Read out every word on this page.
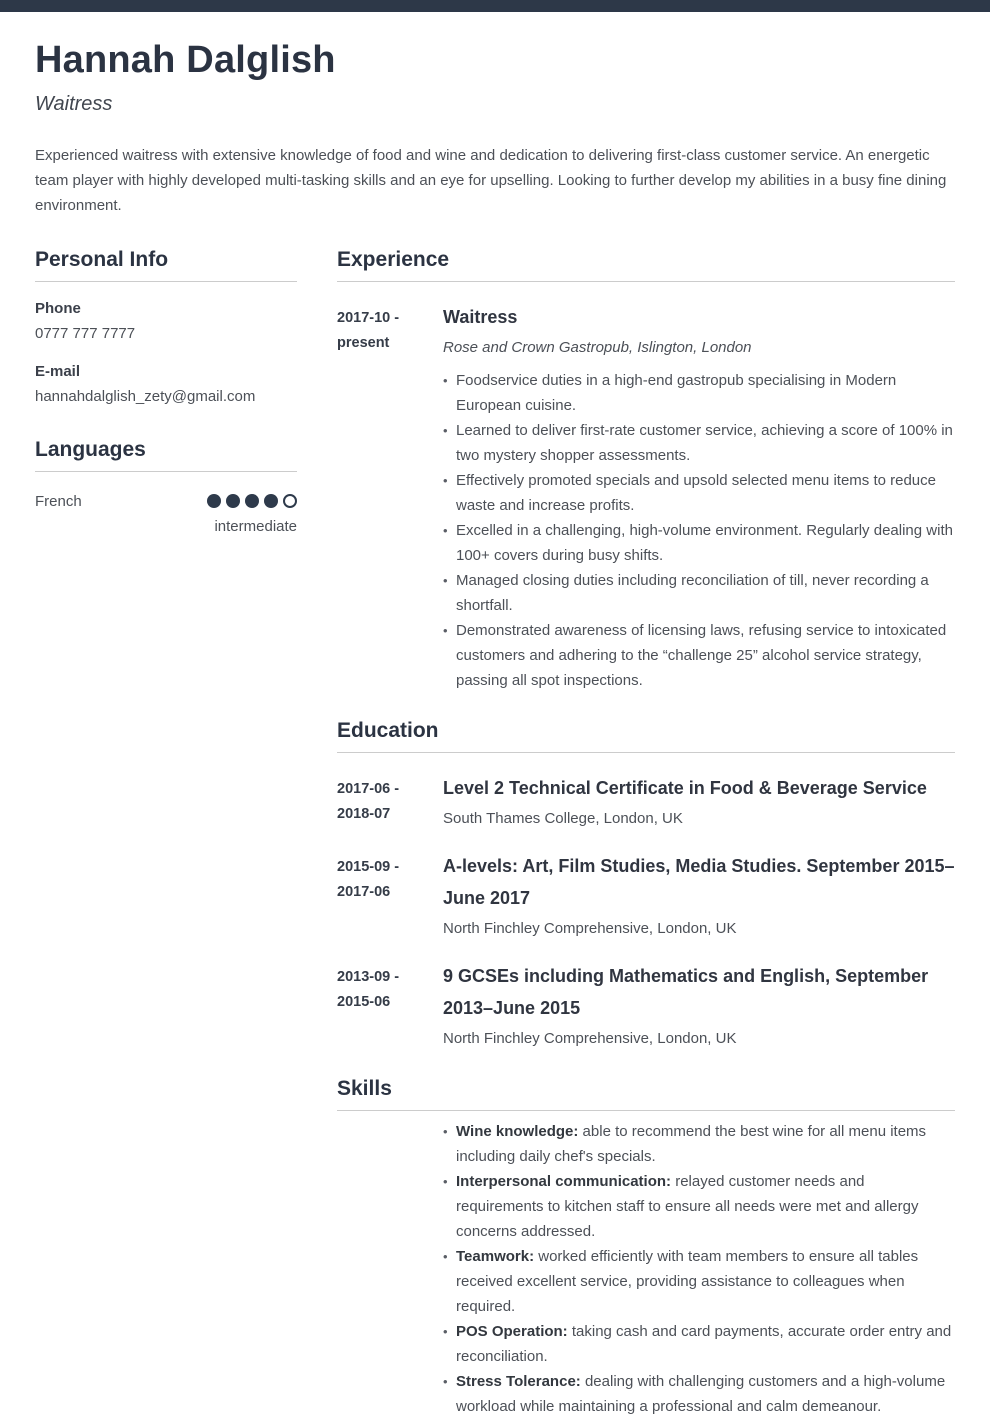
Hannah Dalglish
Waitress
Experienced waitress with extensive knowledge of food and wine and dedication to delivering first-class customer service. An energetic team player with highly developed multi-tasking skills and an eye for upselling. Looking to further develop my abilities in a busy fine dining environment.
Personal Info
Phone
0777 777 7777
E-mail
hannahdalglish_zety@gmail.com
Languages
French
intermediate
Experience
2017-10 -
present
Waitress
Rose and Crown Gastropub, Islington, London
• Foodservice duties in a high-end gastropub specialising in Modern European cuisine.
• Learned to deliver first-rate customer service, achieving a score of 100% in two mystery shopper assessments.
• Effectively promoted specials and upsold selected menu items to reduce waste and increase profits.
• Excelled in a challenging, high-volume environment. Regularly dealing with 100+ covers during busy shifts.
• Managed closing duties including reconciliation of till, never recording a shortfall.
• Demonstrated awareness of licensing laws, refusing service to intoxicated customers and adhering to the “challenge 25” alcohol service strategy, passing all spot inspections.
Education
2017-06 -
2018-07
Level 2 Technical Certificate in Food & Beverage Service
South Thames College, London, UK
2015-09 -
2017-06
A-levels: Art, Film Studies, Media Studies. September 2015–June 2017
North Finchley Comprehensive, London, UK
2013-09 -
2015-06
9 GCSEs including Mathematics and English, September 2013–June 2015
North Finchley Comprehensive, London, UK
Skills
• Wine knowledge: able to recommend the best wine for all menu items including daily chef's specials.
• Interpersonal communication: relayed customer needs and requirements to kitchen staff to ensure all needs were met and allergy concerns addressed.
• Teamwork: worked efficiently with team members to ensure all tables received excellent service, providing assistance to colleagues when required.
• POS Operation: taking cash and card payments, accurate order entry and reconciliation.
• Stress Tolerance: dealing with challenging customers and a high-volume workload while maintaining a professional and calm demeanour.
